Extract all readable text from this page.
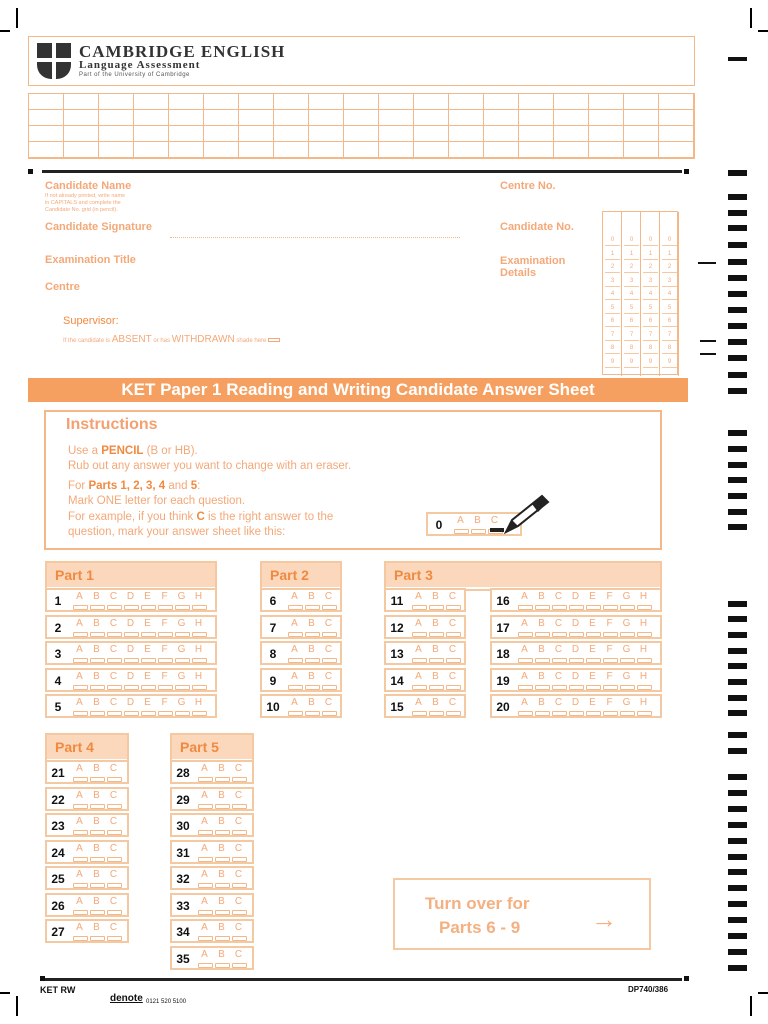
CAMBRIDGE ENGLISH
Language Assessment
Part of the University of Cambridge
Candidate Name
If not already printed, write name
in CAPITALS and complete the
Candidate No. grid (in pencil).
Candidate Signature
Examination Title
Centre
Centre No.
Candidate No.
Examination
Details
Supervisor:
If the candidate is ABSENT or has WITHDRAWN shade here
0
1
2
3
4
5
6
7
8
9
0
1
2
3
4
5
6
7
8
9
0
1
2
3
4
5
6
7
8
9
0
1
2
3
4
5
6
7
8
9
KET Paper 1 Reading and Writing Candidate Answer Sheet
Instructions
Use a PENCIL (B or HB).
Rub out any answer you want to change with an eraser.
For Parts 1, 2, 3, 4 and 5:
Mark ONE letter for each question.
For example, if you think C is the right answer to the
question, mark your answer sheet like this:	0	A B C
Part 1
1	A B C D E F G H
2	A B C D E F G H
3	A B C D E F G H
4	A B C D E F G H
5	A B C D E F G H
Part 2
6	A B C
7	A B C
8	A B C
9	A B C
10	A B C
Part 3
11	A B C
12	A B C
13	A B C
14	A B C
15	A B C
16	A B C D E F G H
17	A B C D E F G H
18	A B C D E F G H
19	A B C D E F G H
20	A B C D E F G H
Part 4
21	A B C
22	A B C
23	A B C
24	A B C
25	A B C
26	A B C
27	A B C
Part 5
28	A B C
29	A B C
30	A B C
31	A B C
32	A B C
33	A B C
34	A B C
35	A B C
Turn over for
Parts 6 - 9	→
KET RW
denote 0121 520 5100
DP740/386
